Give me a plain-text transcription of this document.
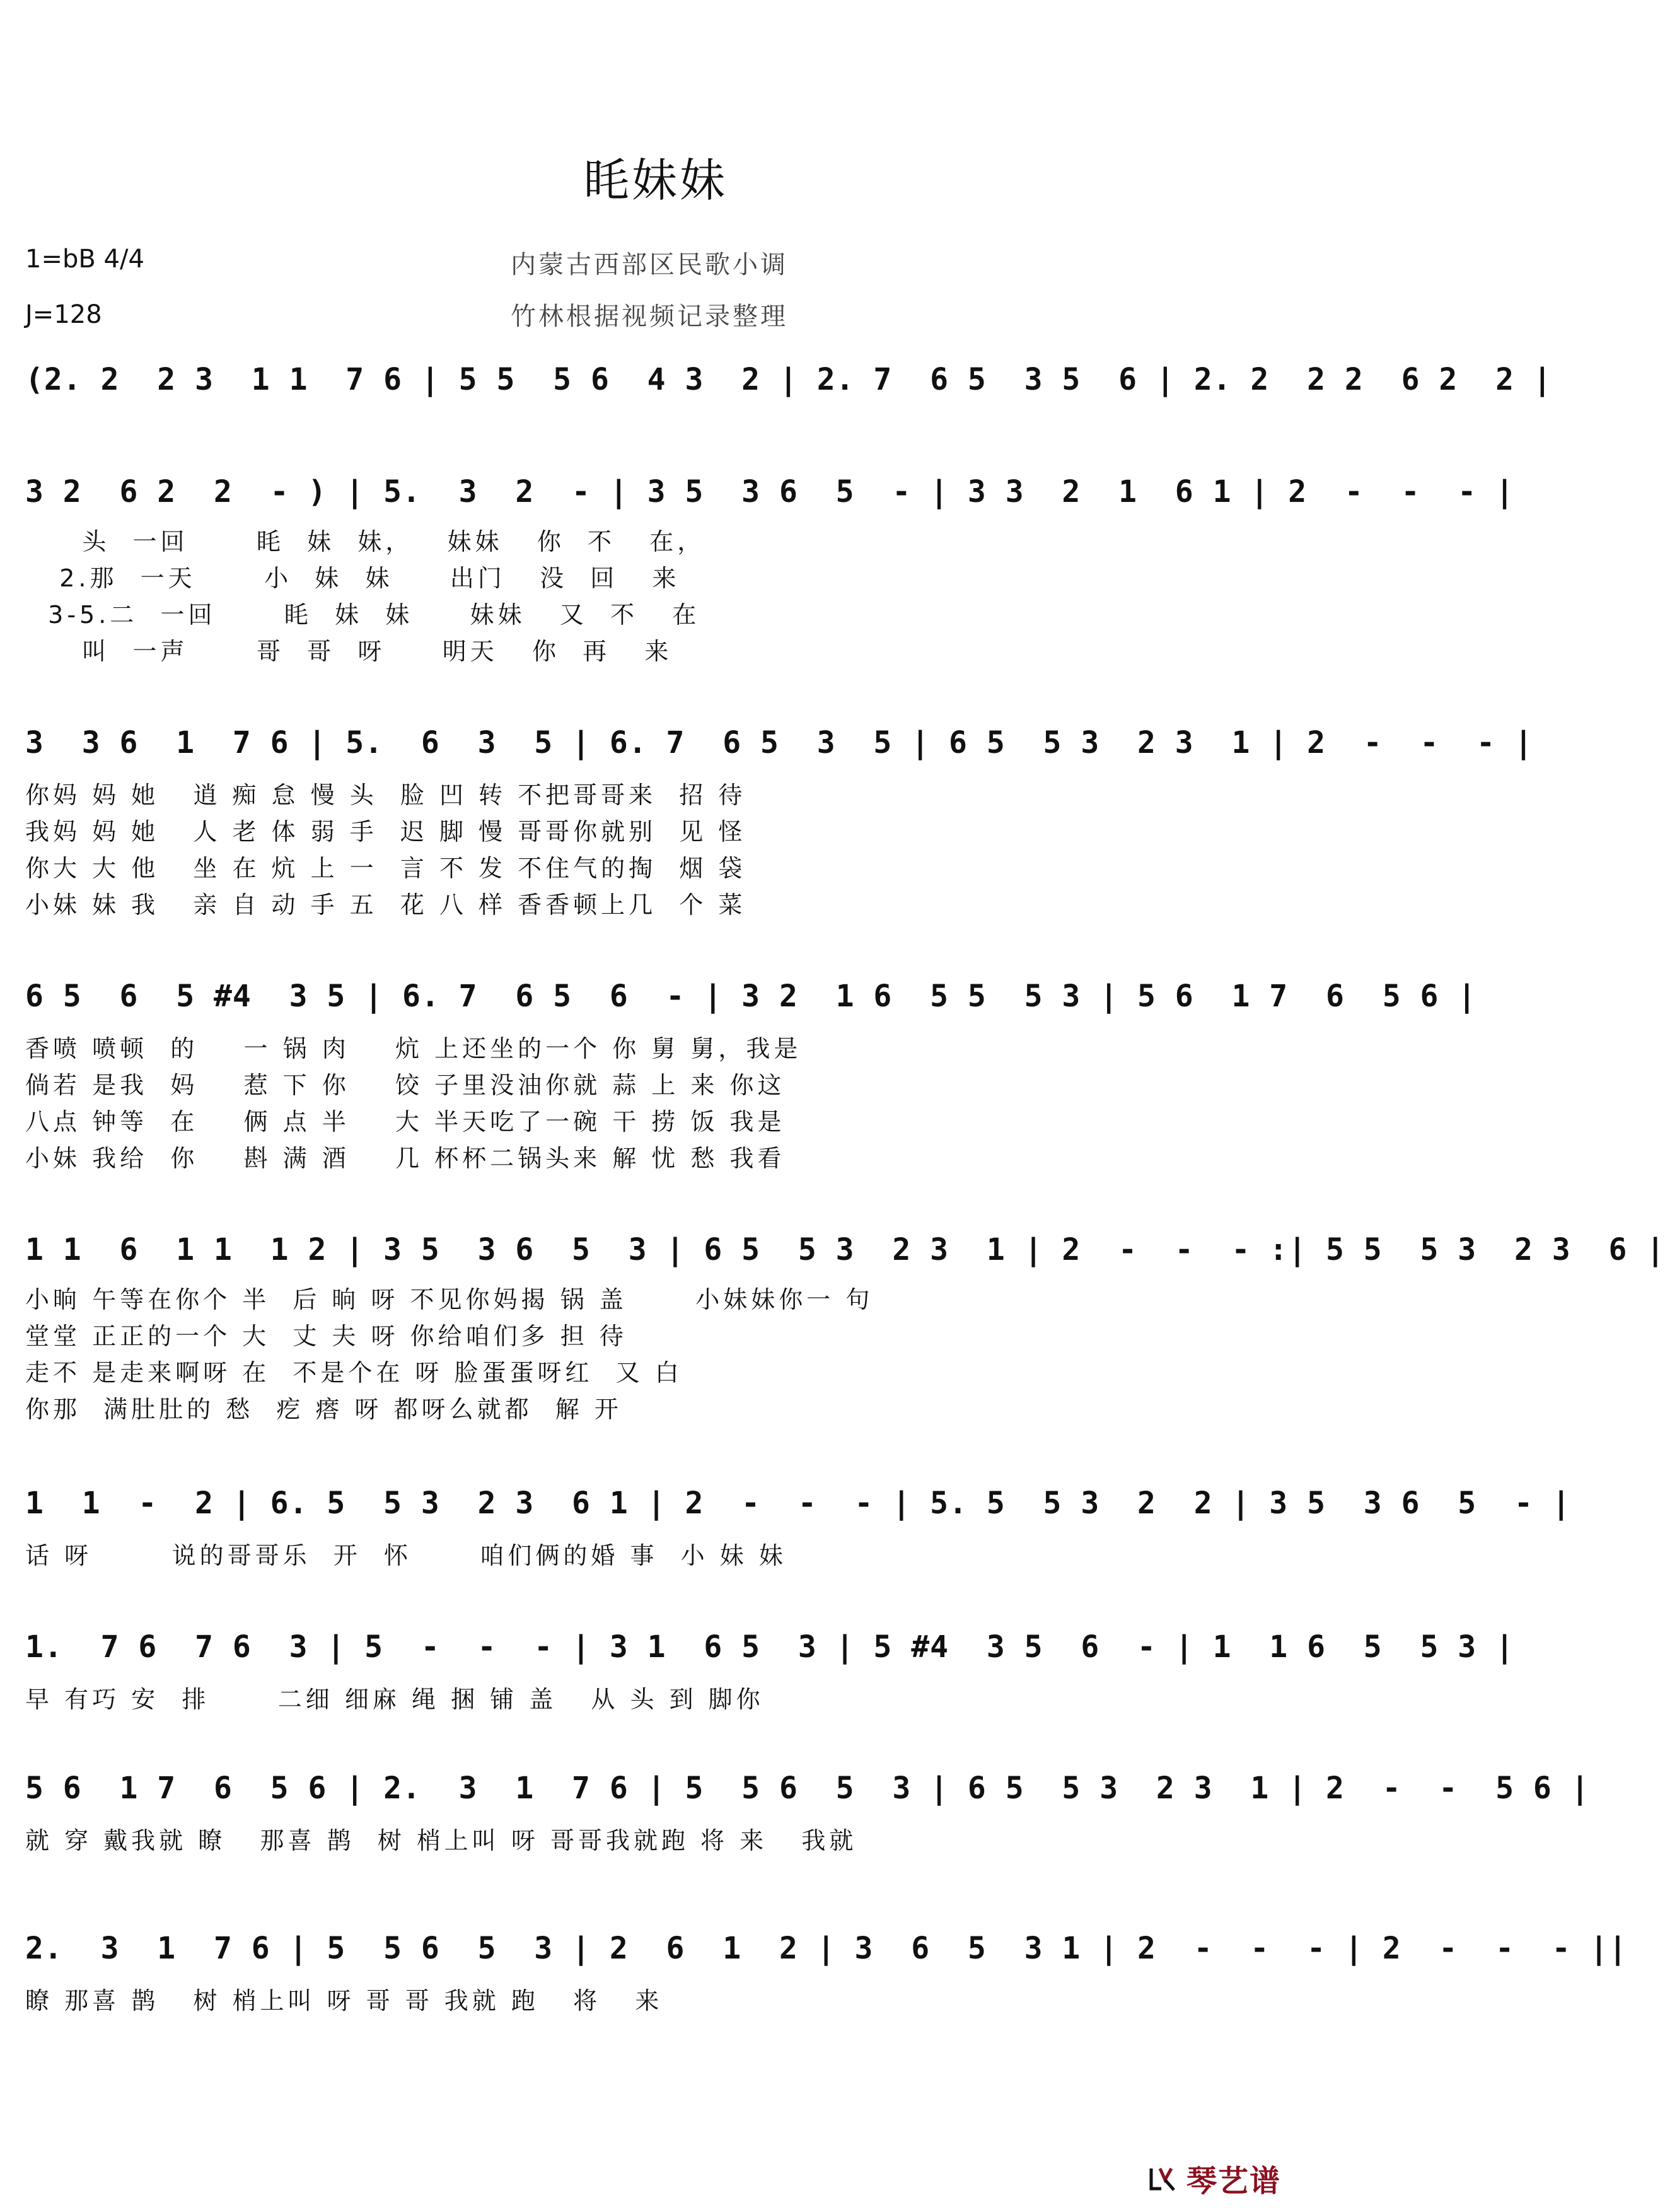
眊妹妹
1=bB 4/4
J=128
内蒙古西部区民歌小调
竹林根据视频记录整理
(2. 2  2 3  1 1  7 6 | 5 5  5 6  4 3  2 | 2. 7  6 5  3 5  6 | 2. 2  2 2  6 2  2 |
3 2  6 2  2  - ) | 5.  3  2  - | 3 5  3 6  5  - | 3 3  2  1  6 1 | 2  -  -  - |
头  一回      眊  妹  妹，   妹妹   你  不   在，
2.那  一天      小  妹  妹     出门   没  回   来
3-5.二  一回      眊  妹  妹     妹妹   又  不   在
叫  一声      哥  哥  呀     明天   你  再   来
3  3 6  1  7 6 | 5.  6  3  5 | 6. 7  6 5  3  5 | 6 5  5 3  2 3  1 | 2  -  -  - |
你妈 妈 她   逍 痴 怠 慢 头  脸 凹 转 不把哥哥来  招 待
我妈 妈 她   人 老 体 弱 手  迟 脚 慢 哥哥你就别  见 怪
你大 大 他   坐 在 炕 上 一  言 不 发 不住气的掏  烟 袋
小妹 妹 我   亲 自 动 手 五  花 八 样 香香顿上几  个 菜
6 5  6  5 #4  3 5 | 6. 7  6 5  6  - | 3 2  1 6  5 5  5 3 | 5 6  1 7  6  5 6 |
香喷 喷顿  的    一 锅 肉    炕 上还坐的一个 你 舅 舅，我是
倘若 是我  妈    惹 下 你    饺 子里没油你就 蒜 上 来 你这
八点 钟等  在    俩 点 半    大 半天吃了一碗 干 捞 饭 我是
小妹 我给  你    斟 满 酒    几 杯杯二锅头来 解 忧 愁 我看
1 1  6  1 1  1 2 | 3 5  3 6  5  3 | 6 5  5 3  2 3  1 | 2  -  -  - :| 5 5  5 3  2 3  6 |
小晌 午等在你个 半  后 晌 呀 不见你妈揭 锅 盖      小妹妹你一 句
堂堂 正正的一个 大  丈 夫 呀 你给咱们多 担 待
走不 是走来啊呀 在  不是个在 呀 脸蛋蛋呀红  又 白
你那  满肚肚的 愁  疙 瘩 呀 都呀么就都  解 开
1  1  -  2 | 6. 5  5 3  2 3  6 1 | 2  -  -  - | 5. 5  5 3  2  2 | 3 5  3 6  5  - |
话 呀       说的哥哥乐  开  怀      咱们俩的婚 事  小 妹 妹
1.  7 6  7 6  3 | 5  -  -  - | 3 1  6 5  3 | 5 #4  3 5  6  - | 1  1 6  5  5 3 |
早 有巧 安  排      二细 细麻 绳 捆 铺 盖   从 头 到 脚你
5 6  1 7  6  5 6 | 2.  3  1  7 6 | 5  5 6  5  3 | 6 5  5 3  2 3  1 | 2  -  -  5 6 |
就 穿 戴我就 瞭   那喜 鹊  树 梢上叫 呀 哥哥我就跑 将 来   我就
2.  3  1  7 6 | 5  5 6  5  3 | 2  6  1  2 | 3  6  5  3 1 | 2  -  -  - | 2  -  -  - ||
瞭 那喜 鹊   树 梢上叫 呀 哥 哥 我就 跑   将   来
琴艺谱
